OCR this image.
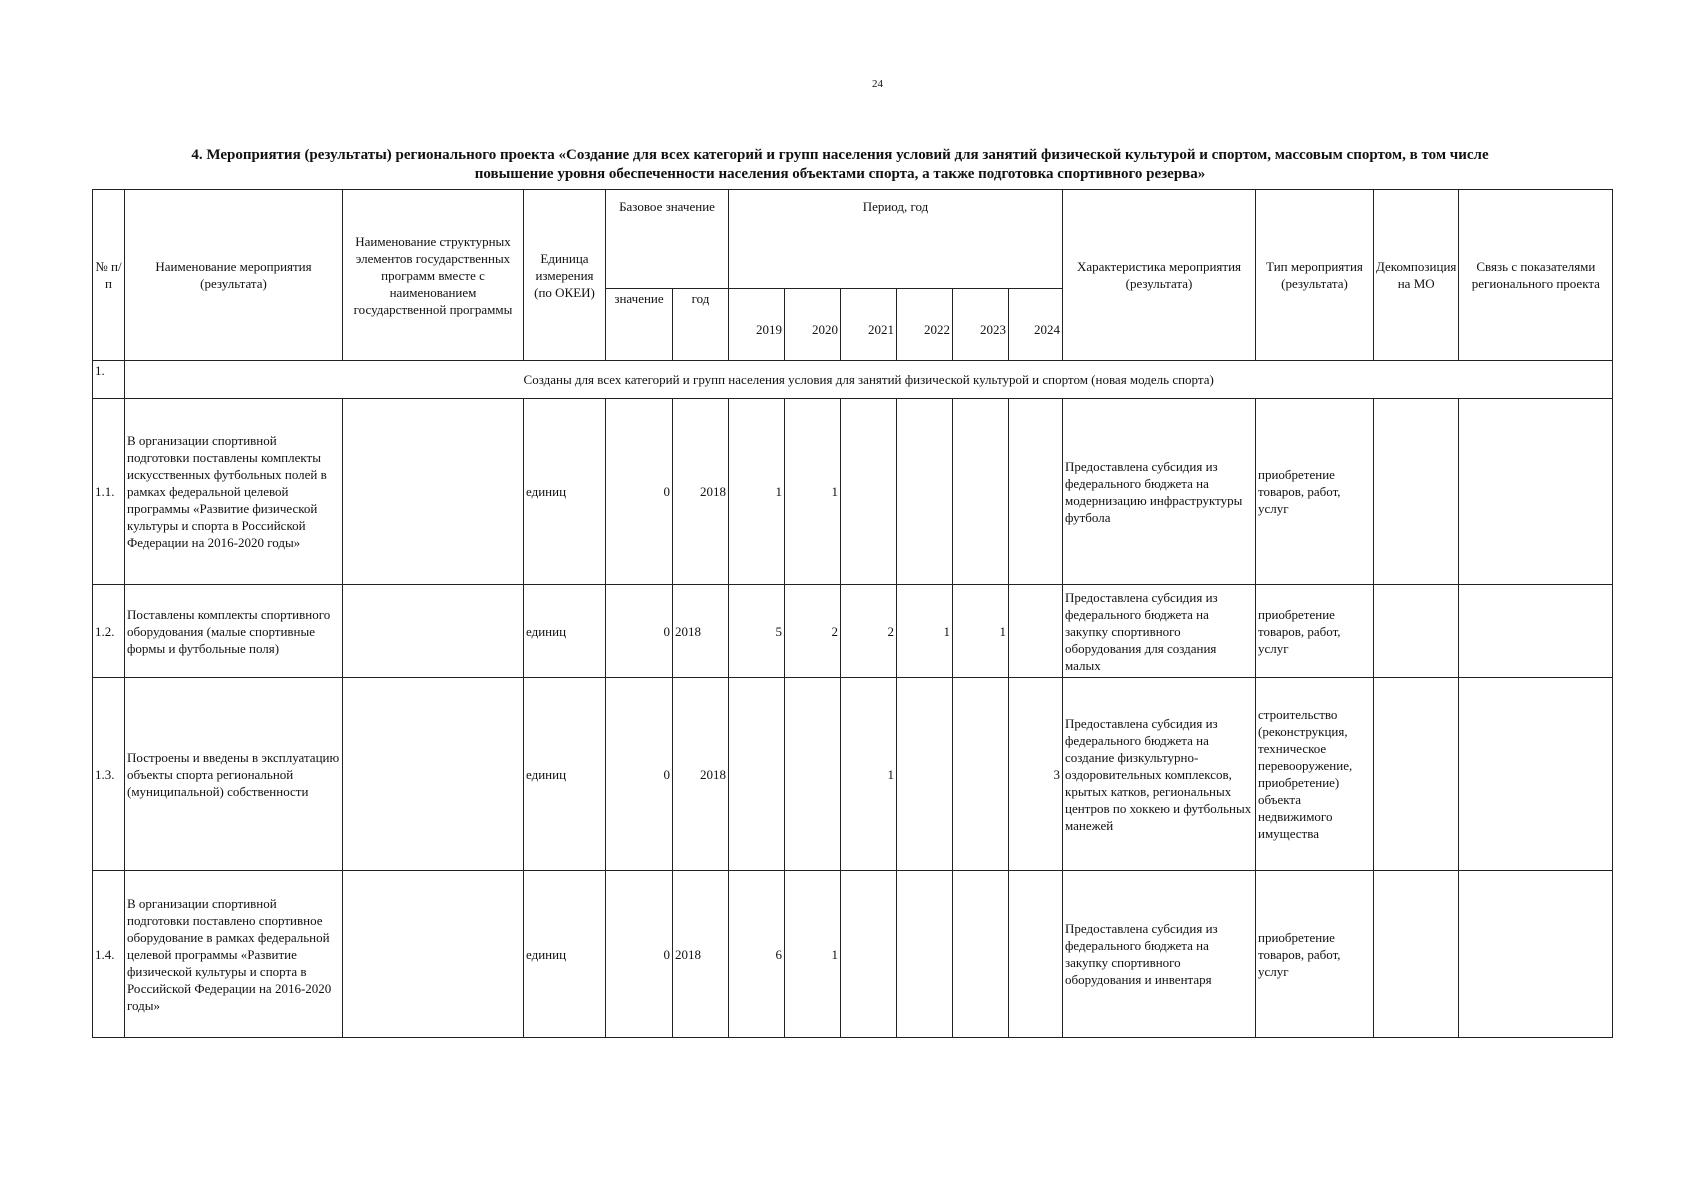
24
4. Мероприятия (результаты) регионального проекта «Создание для всех категорий и групп населения условий для занятий физической культурой и спортом, массовым спортом, в том числе
повышение уровня обеспеченности населения объектами спорта, а также подготовка спортивного резерва»
№ п/п	Наименование мероприятия (результата)	Наименование структурных элементов государственных программ вместе с наименованием государственной программы	Единица измерения (по ОКЕИ)	Базовое значение		Период, год						Характеристика мероприятия (результата)	Тип мероприятия (результата)	Декомпозиция на МО	Связь с показателями регионального проекта
				значение	год	2019	2020	2021	2022	2023	2024				
1.	Созданы для всех категорий и групп населения условия для занятий физической культурой и спортом (новая модель спорта)														
1.1.	В организации спортивной подготовки поставлены комплекты искусственных футбольных полей в рамках федеральной целевой программы «Развитие физической культуры и спорта в Российской Федерации на 2016-2020 годы»		единиц	0	2018	1	1					Предоставлена субсидия из федерального бюджета на модернизацию инфраструктуры футбола	приобретение товаров, работ, услуг		
1.2.	Поставлены комплекты спортивного оборудования (малые спортивные формы и футбольные поля)		единиц	0	2018	5	2	2	1	1		Предоставлена субсидия из федерального бюджета на закупку спортивного оборудования для создания малых	приобретение товаров, работ, услуг		
1.3.	Построены и введены в эксплуатацию объекты спорта региональной (муниципальной) собственности		единиц	0	2018			1			3	Предоставлена субсидия из федерального бюджета на создание физкультурно-оздоровительных комплексов, крытых катков, региональных центров по хоккею и футбольных манежей	строительство (реконструкция, техническое перевооружение, приобретение) объекта недвижимого имущества		
1.4.	В организации спортивной подготовки поставлено спортивное оборудование в рамках федеральной целевой программы «Развитие физической культуры и спорта в Российской Федерации на 2016-2020 годы»		единиц	0	2018	6	1					Предоставлена субсидия из федерального бюджета на закупку спортивного оборудования и инвентаря	приобретение товаров, работ, услуг		
